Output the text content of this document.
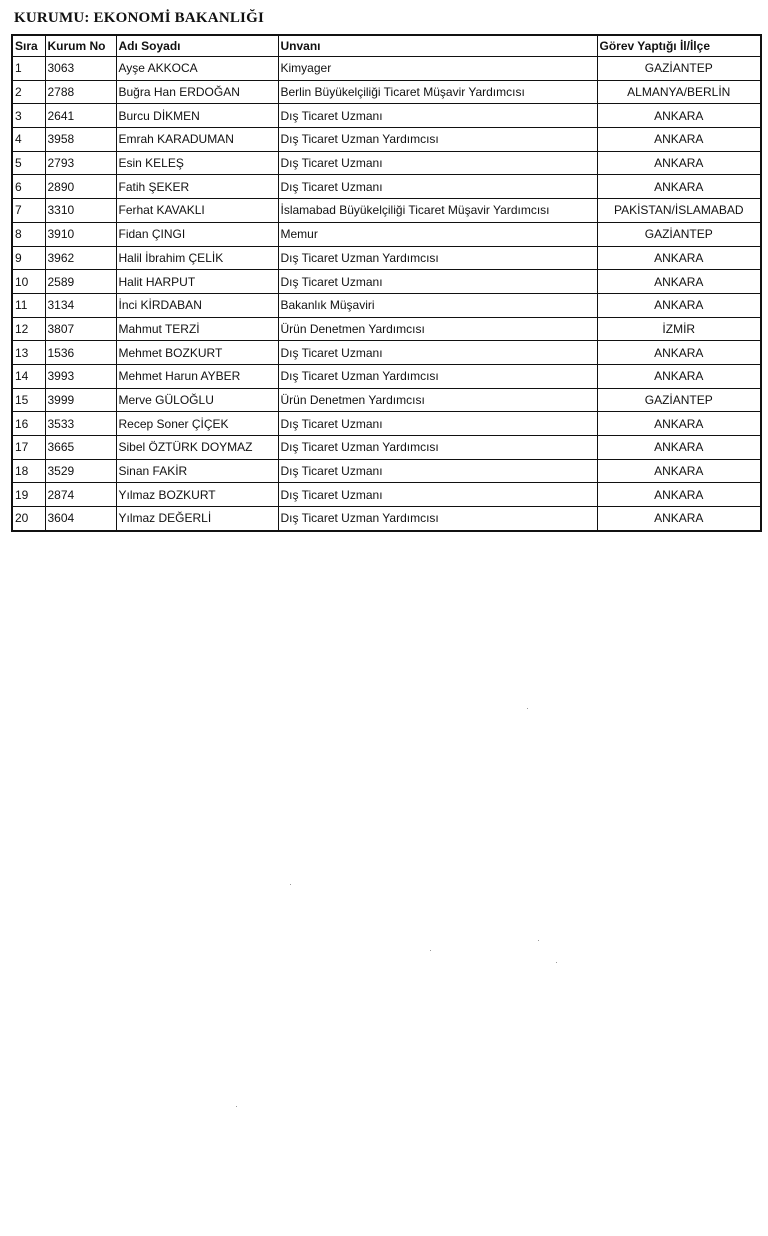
KURUMU: EKONOMİ BAKANLIĞI
Sıra	Kurum No	Adı Soyadı	Unvanı	Görev Yaptığı İl/İlçe
1	3063	Ayşe AKKOCA	Kimyager	GAZİANTEP
2	2788	Buğra Han ERDOĞAN	Berlin Büyükelçiliği Ticaret Müşavir Yardımcısı	ALMANYA/BERLİN
3	2641	Burcu DİKMEN	Dış Ticaret Uzmanı	ANKARA
4	3958	Emrah KARADUMAN	Dış Ticaret Uzman Yardımcısı	ANKARA
5	2793	Esin KELEŞ	Dış Ticaret Uzmanı	ANKARA
6	2890	Fatih ŞEKER	Dış Ticaret Uzmanı	ANKARA
7	3310	Ferhat KAVAKLI	İslamabad Büyükelçiliği Ticaret Müşavir Yardımcısı	PAKİSTAN/İSLAMABAD
8	3910	Fidan ÇINGI	Memur	GAZİANTEP
9	3962	Halil İbrahim ÇELİK	Dış Ticaret Uzman Yardımcısı	ANKARA
10	2589	Halit HARPUT	Dış Ticaret Uzmanı	ANKARA
11	3134	İnci KİRDABAN	Bakanlık Müşaviri	ANKARA
12	3807	Mahmut TERZİ	Ürün Denetmen Yardımcısı	İZMİR
13	1536	Mehmet BOZKURT	Dış Ticaret Uzmanı	ANKARA
14	3993	Mehmet Harun AYBER	Dış Ticaret Uzman Yardımcısı	ANKARA
15	3999	Merve GÜLOĞLU	Ürün Denetmen Yardımcısı	GAZİANTEP
16	3533	Recep Soner ÇİÇEK	Dış Ticaret Uzmanı	ANKARA
17	3665	Sibel ÖZTÜRK DOYMAZ	Dış Ticaret Uzman Yardımcısı	ANKARA
18	3529	Sinan FAKİR	Dış Ticaret Uzmanı	ANKARA
19	2874	Yılmaz BOZKURT	Dış Ticaret Uzmanı	ANKARA
20	3604	Yılmaz DEĞERLİ	Dış Ticaret Uzman Yardımcısı	ANKARA
